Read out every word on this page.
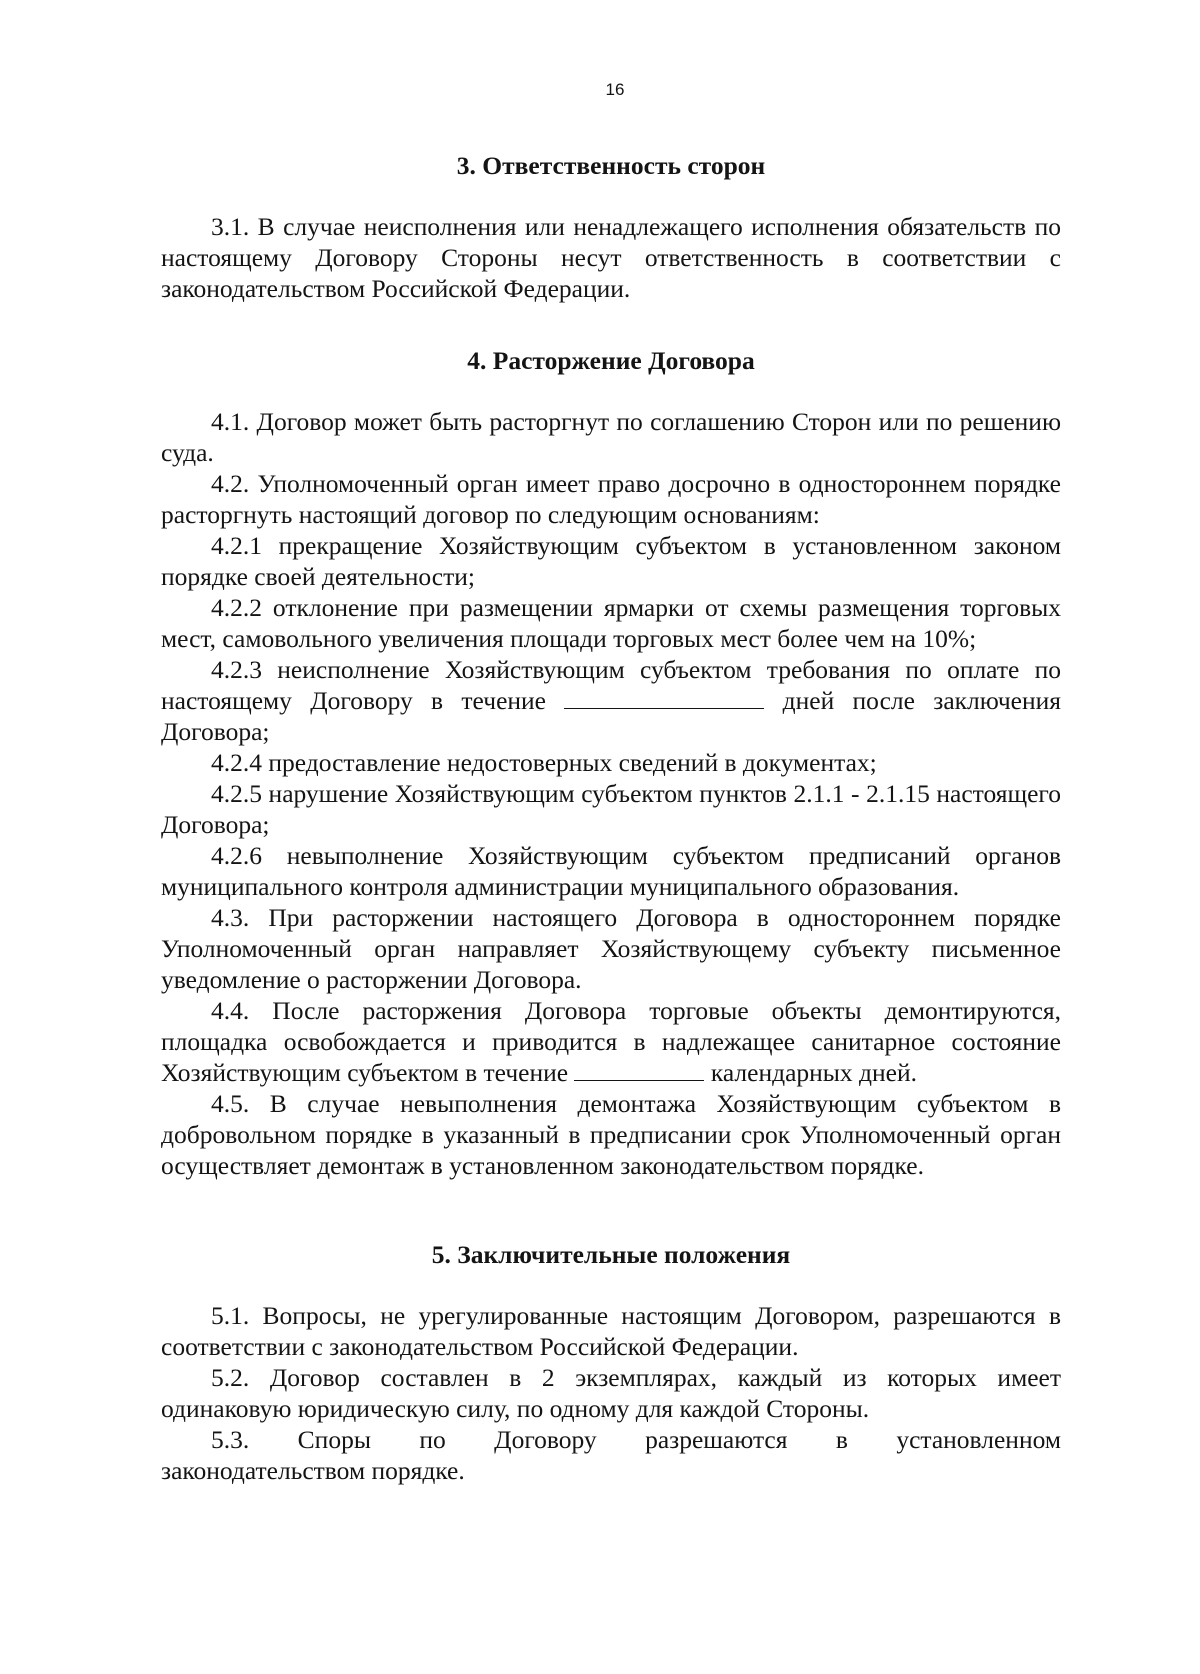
16
3. Ответственность сторон

3.1. В случае неисполнения или ненадлежащего исполнения обязательств по настоящему Договору Стороны несут ответственность в соответствии с законодательством Российской Федерации.

4. Расторжение Договора

4.1. Договор может быть расторгнут по соглашению Сторон или по решению суда.

4.2. Уполномоченный орган имеет право досрочно в одностороннем порядке расторгнуть настоящий договор по следующим основаниям:

4.2.1 прекращение Хозяйствующим субъектом в установленном законом порядке своей деятельности;

4.2.2 отклонение при размещении ярмарки от схемы размещения торговых мест, самовольного увеличения площади торговых мест более чем на 10%;

4.2.3 неисполнение Хозяйствующим субъектом требования по оплате по настоящему Договору в течение	дней после заключения Договора;

4.2.4 предоставление недостоверных сведений в документах;

4.2.5 нарушение Хозяйствующим субъектом пунктов 2.1.1 - 2.1.15 настоящего Договора;

4.2.6 невыполнение Хозяйствующим субъектом предписаний органов муниципального контроля администрации муниципального образования.

4.3. При расторжении настоящего Договора в одностороннем порядке Уполномоченный орган направляет Хозяйствующему субъекту письменное уведомление о расторжении Договора.

4.4. После расторжения Договора торговые объекты демонтируются, площадка освобождается и приводится в надлежащее санитарное состояние Хозяйствующим субъектом в течение	календарных дней.

4.5. В случае невыполнения демонтажа Хозяйствующим субъектом в добровольном порядке в указанный в предписании срок Уполномоченный орган осуществляет демонтаж в установленном законодательством порядке.

5. Заключительные положения

5.1. Вопросы, не урегулированные настоящим Договором, разрешаются в соответствии с законодательством Российской Федерации.

5.2. Договор составлен в 2 экземплярах, каждый из которых имеет одинаковую юридическую силу, по одному для каждой Стороны.

5.3. Споры по Договору разрешаются в установленном

законодательством порядке.
